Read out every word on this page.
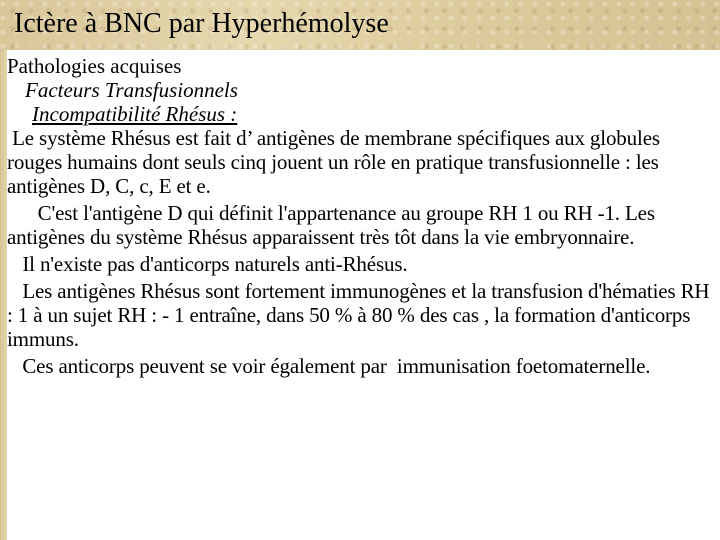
Ictère à BNC par Hyperhémolyse

Pathologies acquises

Facteurs Transfusionnels

Incompatibilité Rhésus :

Le système Rhésus est fait d’ antigènes de membrane spécifiques aux globules rouges humains dont seuls cinq jouent un rôle en pratique transfusionnelle : les antigènes D, C, c, E et e.

C'est l'antigène D qui définit l'appartenance au groupe RH 1 ou RH -1. Les antigènes du système Rhésus apparaissent très tôt dans la vie embryonnaire.

Il n'existe pas d'anticorps naturels anti-Rhésus.

Les antigènes Rhésus sont fortement immunogènes et la transfusion d'hématies RH : 1 à un sujet RH : - 1 entraîne, dans 50 % à 80 % des cas , la formation d'anticorps immuns.

Ces anticorps peuvent se voir également par  immunisation foetomaternelle.
